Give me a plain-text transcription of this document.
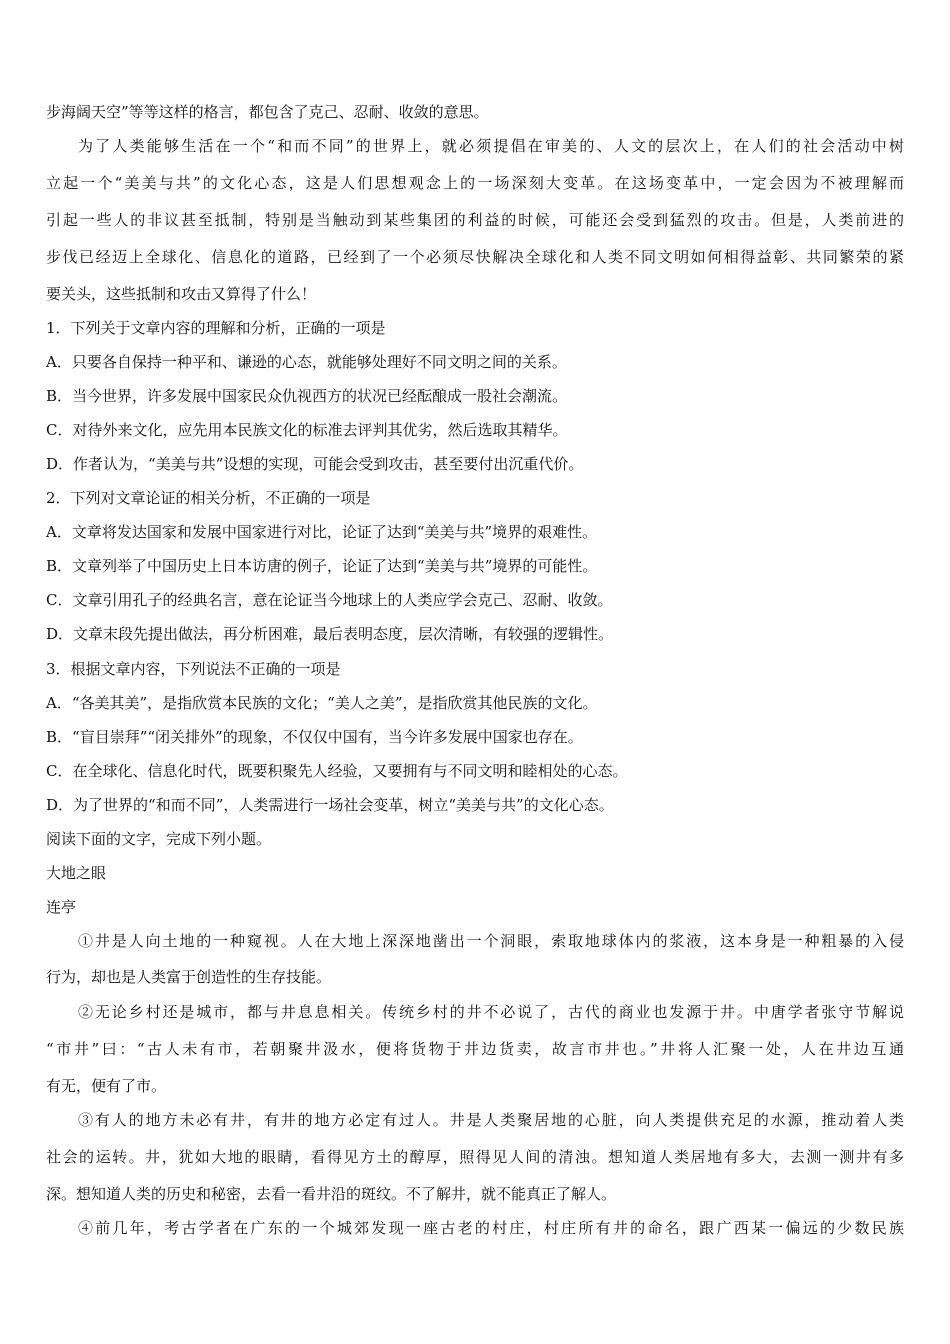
步海阔天空”等等这样的格言，都包含了克己、忍耐、收敛的意思。
为了人类能够生活在一个“和而不同”的世界上，就必须提倡在审美的、人文的层次上，在人们的社会活动中树
立起一个“美美与共”的文化心态，这是人们思想观念上的一场深刻大变革。在这场变革中，一定会因为不被理解而
引起一些人的非议甚至抵制，特别是当触动到某些集团的利益的时候，可能还会受到猛烈的攻击。但是，人类前进的
步伐已经迈上全球化、信息化的道路，已经到了一个必须尽快解决全球化和人类不同文明如何相得益彰、共同繁荣的紧
要关头，这些抵制和攻击又算得了什么！
1．下列关于文章内容的理解和分析，正确的一项是
A．只要各自保持一种平和、谦逊的心态，就能够处理好不同文明之间的关系。
B．当今世界，许多发展中国家民众仇视西方的状况已经酝酿成一股社会潮流。
C．对待外来文化，应先用本民族文化的标准去评判其优劣，然后选取其精华。
D．作者认为，“美美与共”设想的实现，可能会受到攻击，甚至要付出沉重代价。
2．下列对文章论证的相关分析，不正确的一项是
A．文章将发达国家和发展中国家进行对比，论证了达到“美美与共”境界的艰难性。
B．文章列举了中国历史上日本访唐的例子，论证了达到“美美与共”境界的可能性。
C．文章引用孔子的经典名言，意在论证当今地球上的人类应学会克己、忍耐、收敛。
D．文章末段先提出做法，再分析困难，最后表明态度，层次清晰，有较强的逻辑性。
3．根据文章内容，下列说法不正确的一项是
A．“各美其美”，是指欣赏本民族的文化；“美人之美”，是指欣赏其他民族的文化。
B．“盲目崇拜”“闭关排外”的现象，不仅仅中国有，当今许多发展中国家也存在。
C．在全球化、信息化时代，既要积聚先人经验，又要拥有与不同文明和睦相处的心态。
D．为了世界的“和而不同”，人类需进行一场社会变革，树立“美美与共”的文化心态。
阅读下面的文字，完成下列小题。
大地之眼
连亭
①井是人向土地的一种窥视。人在大地上深深地凿出一个洞眼，索取地球体内的浆液，这本身是一种粗暴的入侵
行为，却也是人类富于创造性的生存技能。
②无论乡村还是城市，都与井息息相关。传统乡村的井不必说了，古代的商业也发源于井。中唐学者张守节解说
“市井”曰：“古人未有市，若朝聚井汲水，便将货物于井边货卖，故言市井也。”井将人汇聚一处，人在井边互通
有无，便有了市。
③有人的地方未必有井，有井的地方必定有过人。井是人类聚居地的心脏，向人类提供充足的水源，推动着人类
社会的运转。井，犹如大地的眼睛，看得见方土的醇厚，照得见人间的清浊。想知道人类居地有多大，去测一测井有多
深。想知道人类的历史和秘密，去看一看井沿的斑纹。不了解井，就不能真正了解人。
④前几年，考古学者在广东的一个城郊发现一座古老的村庄，村庄所有井的命名，跟广西某一偏远的少数民族
